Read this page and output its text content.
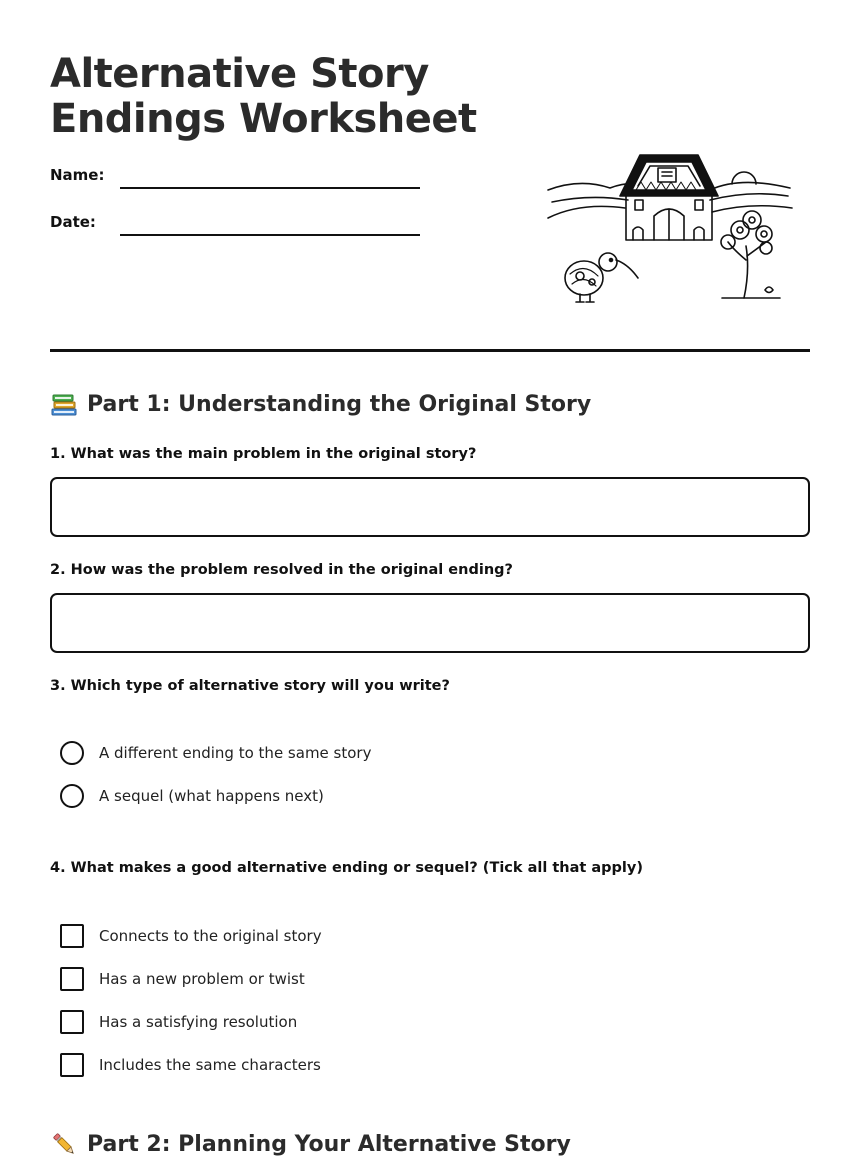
Alternative Story Endings Worksheet
Name:
Date:
Part 1: Understanding the Original Story
1. What was the main problem in the original story?
2. How was the problem resolved in the original ending?
3. Which type of alternative story will you write?
A different ending to the same story
A sequel (what happens next)
4. What makes a good alternative ending or sequel? (Tick all that apply)
Connects to the original story
Has a new problem or twist
Has a satisfying resolution
Includes the same characters
Part 2: Planning Your Alternative Story
